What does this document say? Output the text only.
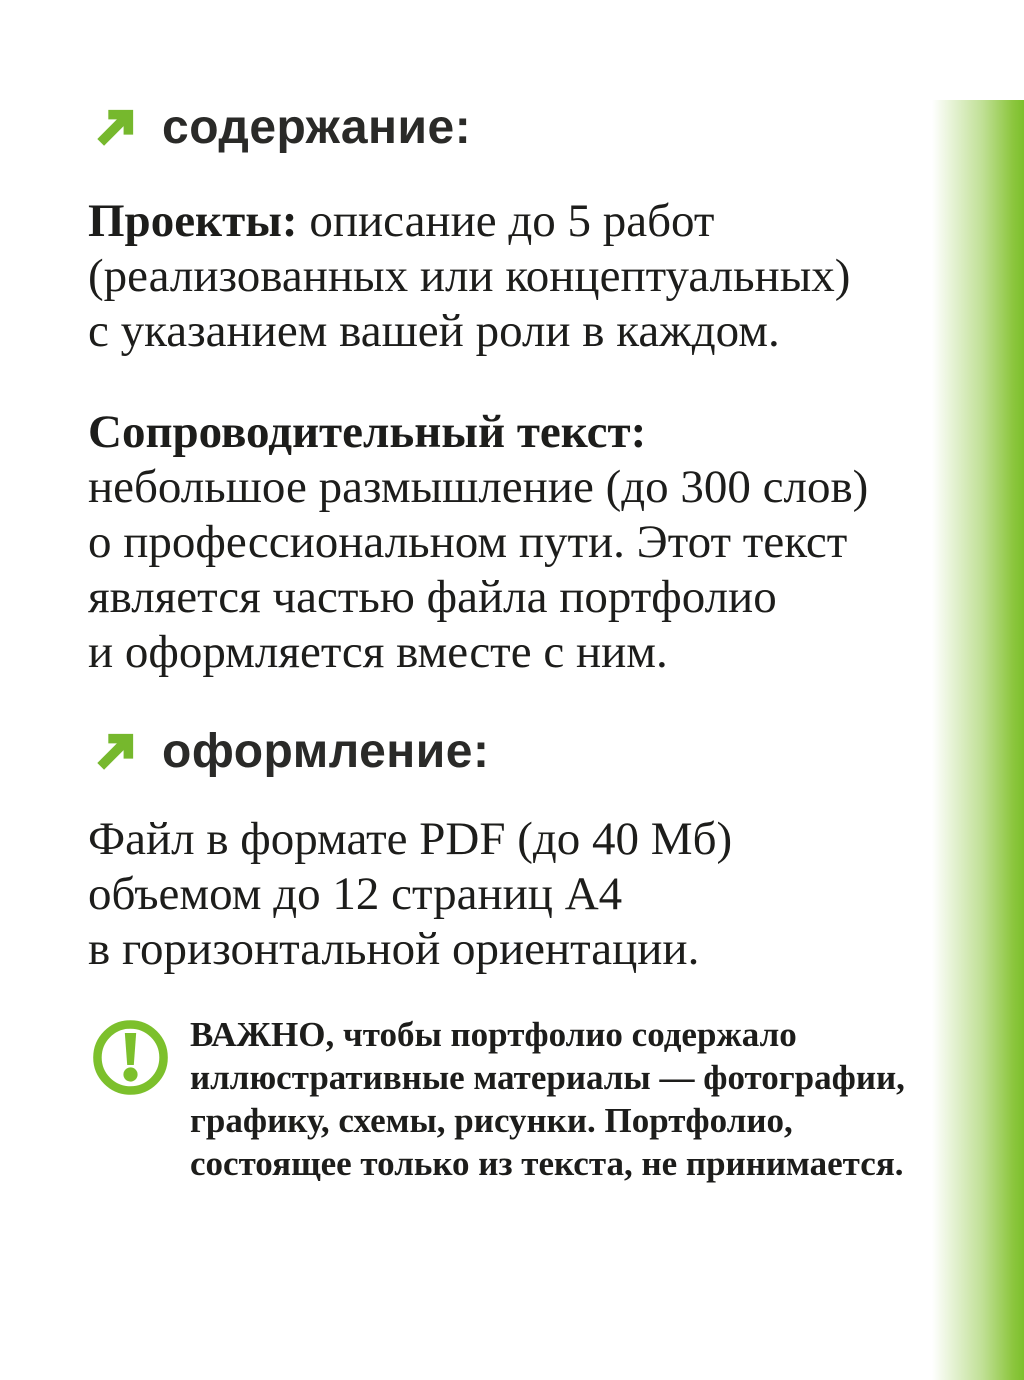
содержание:
Проекты: описание до 5 работ
(реализованных или концептуальных)
с указанием вашей роли в каждом.
Сопроводительный текст:
небольшое размышление (до 300 слов)
о профессиональном пути. Этот текст
является частью файла портфолио
и оформляется вместе с ним.
оформление:
Файл в формате PDF (до 40 Мб)
объемом до 12 страниц А4
в горизонтальной ориентации.
ВАЖНО, чтобы портфолио содержало
иллюстративные материалы — фотографии,
графику, схемы, рисунки. Портфолио,
состоящее только из текста, не принимается.
